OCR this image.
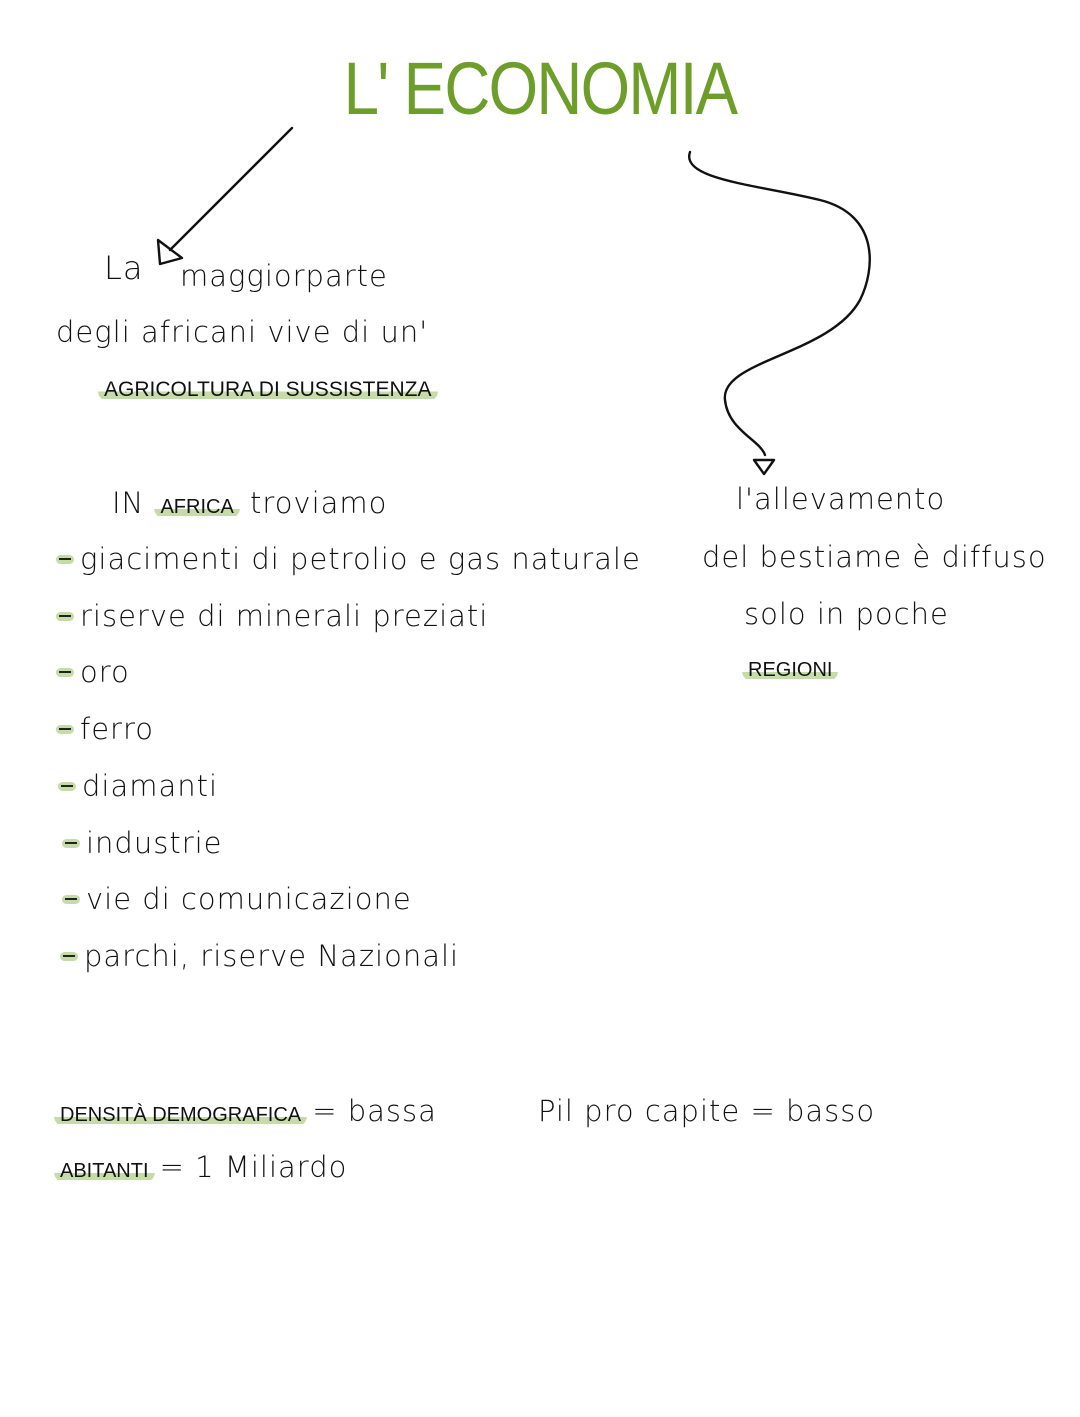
L' ECONOMIA
La maggiorparte
degli africani vive di un'
AGRICOLTURA DI SUSSISTENZA
IN AFRICA troviamo
giacimenti di petrolio e gas naturale
riserve di minerali preziati
oro
ferro
diamanti
industrie
vie di comunicazione
parchi, riserve Nazionali
l'allevamento
del bestiame è diffuso
solo in poche
REGIONI
DENSITÀ DEMOGRAFICA = bassa	Pil pro capite = basso
ABITANTI = 1 Miliardo
